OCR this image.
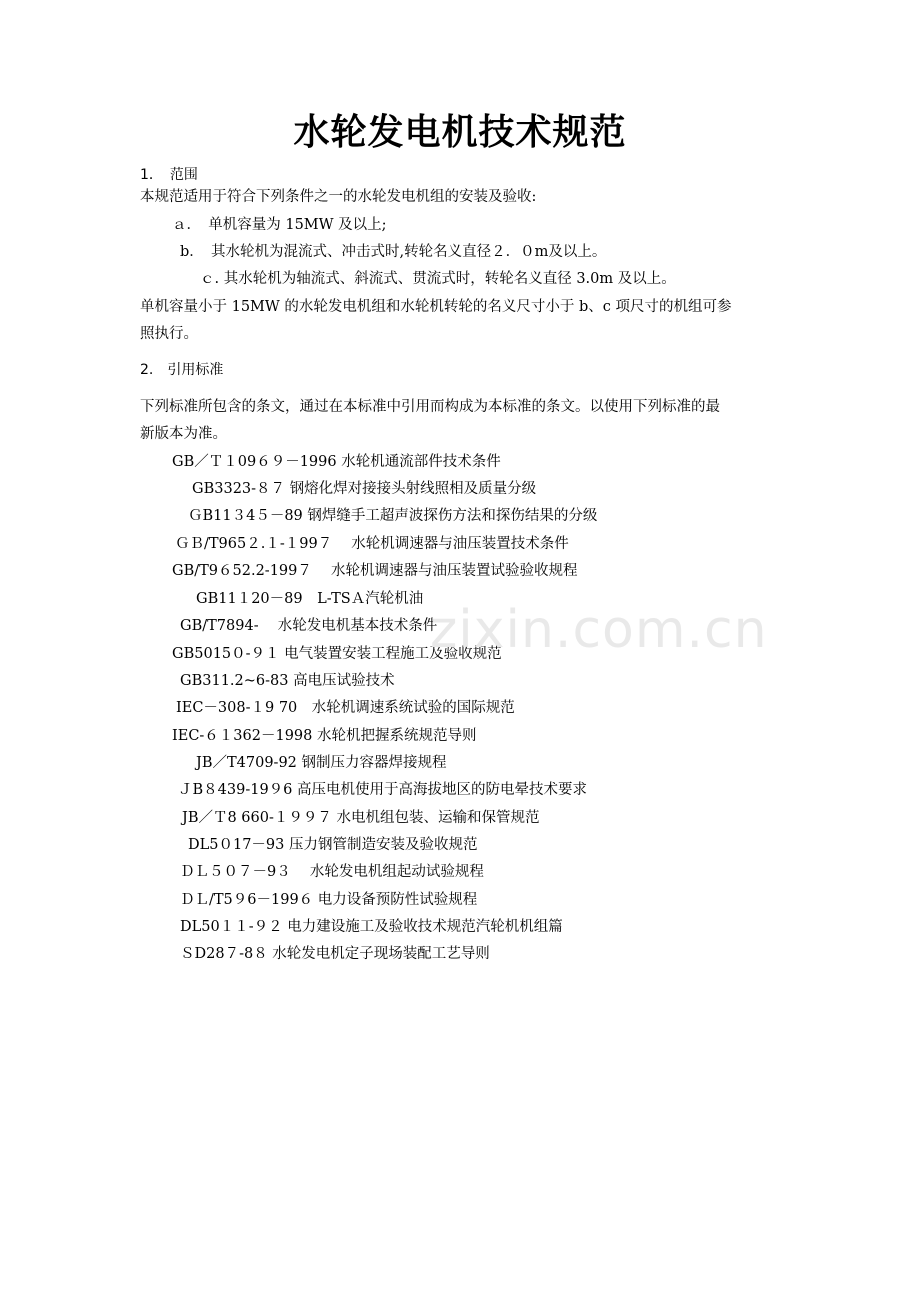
水轮发电机技术规范
1．　范围
本规范适用于符合下列条件之一的水轮发电机组的安装及验收:
ａ．　单机容量为 15MW 及以上;
b．　其水轮机为混流式、冲击式时,转轮名义直径２．０m及以上。
ｃ. 其水轮机为轴流式、斜流式、贯流式时，转轮名义直径 3.0m 及以上。
单机容量小于 15MW 的水轮发电机组和水轮机转轮的名义尺寸小于 b、c 项尺寸的机组可参
照执行。
2.　引用标准
下列标准所包含的条文，通过在本标准中引用而构成为本标准的条文。以使用下列标准的最
新版本为准。
GB／Ｔ１09６９－1996 水轮机通流部件技术条件
GB3323-８７ 钢熔化焊对接接头射线照相及质量分级
ＧB11３4５－89 钢焊缝手工超声波探伤方法和探伤结果的分级
ＧＢ/T965２.１-１99７　 水轮机调速器与油压装置技术条件
GB/T9６52.2-199７　 水轮机调速器与油压装置试验验收规程
GB11１20－89　L-TSＡ汽轮机油
GB/T7894-　 水轮发电机基本技术条件
GB5015０-９１ 电气装置安装工程施工及验收规范
GB311.2~6-83 高电压试验技术
IEC－308-１9 70　水轮机调速系统试验的国际规范
IEC-６１362－1998 水轮机把握系统规范导则
JB／T4709-92 钢制压力容器焊接规程
ＪB８439-19９6 高压电机使用于高海拔地区的防电晕技术要求
JB／Ｔ8 660-１９９７ 水电机组包装、运输和保管规范
DL5０17－93 压力钢管制造安装及验收规范
ＤＬ５０７－9３　 水轮发电机组起动试验规程
ＤＬ/T5９6－199６ 电力设备预防性试验规程
DL50１１-９２ 电力建设施工及验收技术规范汽轮机机组篇
ＳD28７-8８ 水轮发电机定子现场装配工艺导则
zixin.com.cn
